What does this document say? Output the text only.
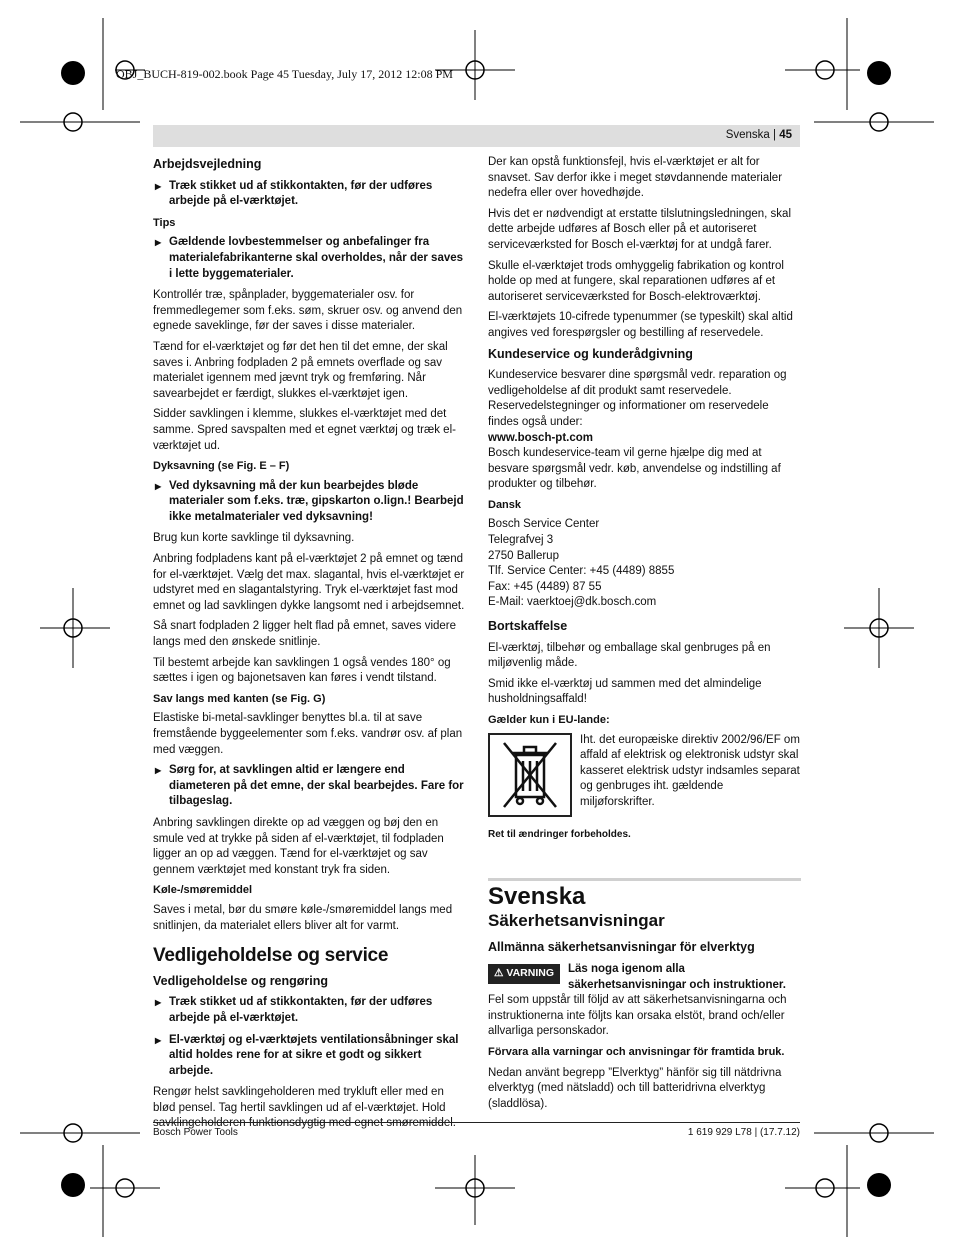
OBJ_BUCH-819-002.book Page 45 Tuesday, July 17, 2012 12:08 PM
Svenska | 45
Arbejdsvejledning
▶ Træk stikket ud af stikkontakten, før der udføres arbejde på el-værktøjet.
Tips
▶ Gældende lovbestemmelser og anbefalinger fra materialefabrikanterne skal overholdes, når der saves i lette byggematerialer.

Kontrollér træ, spånplader, byggematerialer osv. for fremmedlegemer som f.eks. søm, skruer osv. og anvend den egnede saveklinge, før der saves i disse materialer.

Tænd for el-værktøjet og før det hen til det emne, der skal saves i. Anbring fodpladen 2 på emnets overflade og sav materialet igennem med jævnt tryk og fremføring. Når savearbejdet er færdigt, slukkes el-værktøjet igen.

Sidder savklingen i klemme, slukkes el-værktøjet med det samme. Spred savspalten med et egnet værktøj og træk el-værktøjet ud.

Dyksavning (se Fig. E – F)
▶ Ved dyksavning må der kun bearbejdes bløde materialer som f.eks. træ, gipskarton o.lign.! Bearbejd ikke metalmaterialer ved dyksavning!

Brug kun korte savklinge til dyksavning.

Anbring fodpladens kant på el-værktøjet 2 på emnet og tænd for el-værktøjet. Vælg det max. slagantal, hvis el-værktøjet er udstyret med en slagantalstyring. Tryk el-værktøjet fast mod emnet og lad savklingen dykke langsomt ned i arbejdsemnet.

Så snart fodpladen 2 ligger helt flad på emnet, saves videre langs med den ønskede snitlinje.

Til bestemt arbejde kan savklingen 1 også vendes 180° og sættes i igen og bajonetsaven kan føres i vendt tilstand.

Sav langs med kanten (se Fig. G)

Elastiske bi-metal-savklinger benyttes bl.a. til at save fremstående byggeelementer som f.eks. vandrør osv. af plan med væggen.

▶ Sørg for, at savklingen altid er længere end diameteren på det emne, der skal bearbejdes. Fare for tilbageslag.

Anbring savklingen direkte op ad væggen og bøj den en smule ved at trykke på siden af el-værktøjet, til fodpladen ligger an op ad væggen. Tænd for el-værktøjet og sav gennem værktøjet med konstant tryk fra siden.

Køle-/smøremiddel

Saves i metal, bør du smøre køle-/smøremiddel langs med snitlinjen, da materialet ellers bliver alt for varmt.

Vedligeholdelse og service
Vedligeholdelse og rengøring
▶ Træk stikket ud af stikkontakten, før der udføres arbejde på el-værktøjet.
▶ El-værktøj og el-værktøjets ventilationsåbninger skal altid holdes rene for at sikre et godt og sikkert arbejde.

Rengør helst savklingeholderen med trykluft eller med en blød pensel. Tag hertil savklingen ud af el-værktøjet. Hold savklingeholderen funktionsdygtig med egnet smøremiddel.

Der kan opstå funktionsfejl, hvis el-værktøjet er alt for snavset. Sav derfor ikke i meget støvdannende materialer nedefra eller over hovedhøjde.

Hvis det er nødvendigt at erstatte tilslutningsledningen, skal dette arbejde udføres af Bosch eller på et autoriseret serviceværksted for Bosch el-værktøj for at undgå farer.

Skulle el-værktøjet trods omhyggelig fabrikation og kontrol holde op med at fungere, skal reparationen udføres af et autoriseret serviceværksted for Bosch-elektroværktøj.

El-værktøjets 10-cifrede typenummer (se typeskilt) skal altid angives ved forespørgsler og bestilling af reservedele.

Kundeservice og kunderådgivning

Kundeservice besvarer dine spørgsmål vedr. reparation og vedligeholdelse af dit produkt samt reservedele. Reservedelstegninger og informationer om reservedele findes også under:

www.bosch-pt.com

Bosch kundeservice-team vil gerne hjælpe dig med at besvare spørgsmål vedr. køb, anvendelse og indstilling af produkter og tilbehør.

Dansk

Bosch Service Center

Telegrafvej 3

2750 Ballerup

Tlf. Service Center: +45 (4489) 8855

Fax: +45 (4489) 87 55

E-Mail: vaerktoej@dk.bosch.com

Bortskaffelse

El-værktøj, tilbehør og emballage skal genbruges på en miljøvenlig måde.

Smid ikke el-værktøj ud sammen med det almindelige husholdningsaffald!

Gælder kun i EU-lande:

Iht. det europæiske direktiv 2002/96/EF om affald af elektrisk og elektronisk udstyr skal kasseret elektrisk udstyr indsamles separat og genbruges iht. gældende miljøforskrifter.

Ret til ændringer forbeholdes.

Svenska
Säkerhetsanvisningar
Allmänna säkerhetsanvisningar för elverktyg

⚠ VARNING	Läs noga igenom alla säkerhetsanvisningar och instruktioner. Fel som uppstår till följd av att säkerhetsanvisningarna och instruktionerna inte följts kan orsaka elstöt, brand och/eller allvarliga personskador.

Förvara alla varningar och anvisningar för framtida bruk.

Nedan använt begrepp ”Elverktyg” hänför sig till nätdrivna elverktyg (med nätsladd) och till batteridrivna elverktyg (sladdlösa).

Bosch Power Tools	1 619 929 L78 | (17.7.12)
